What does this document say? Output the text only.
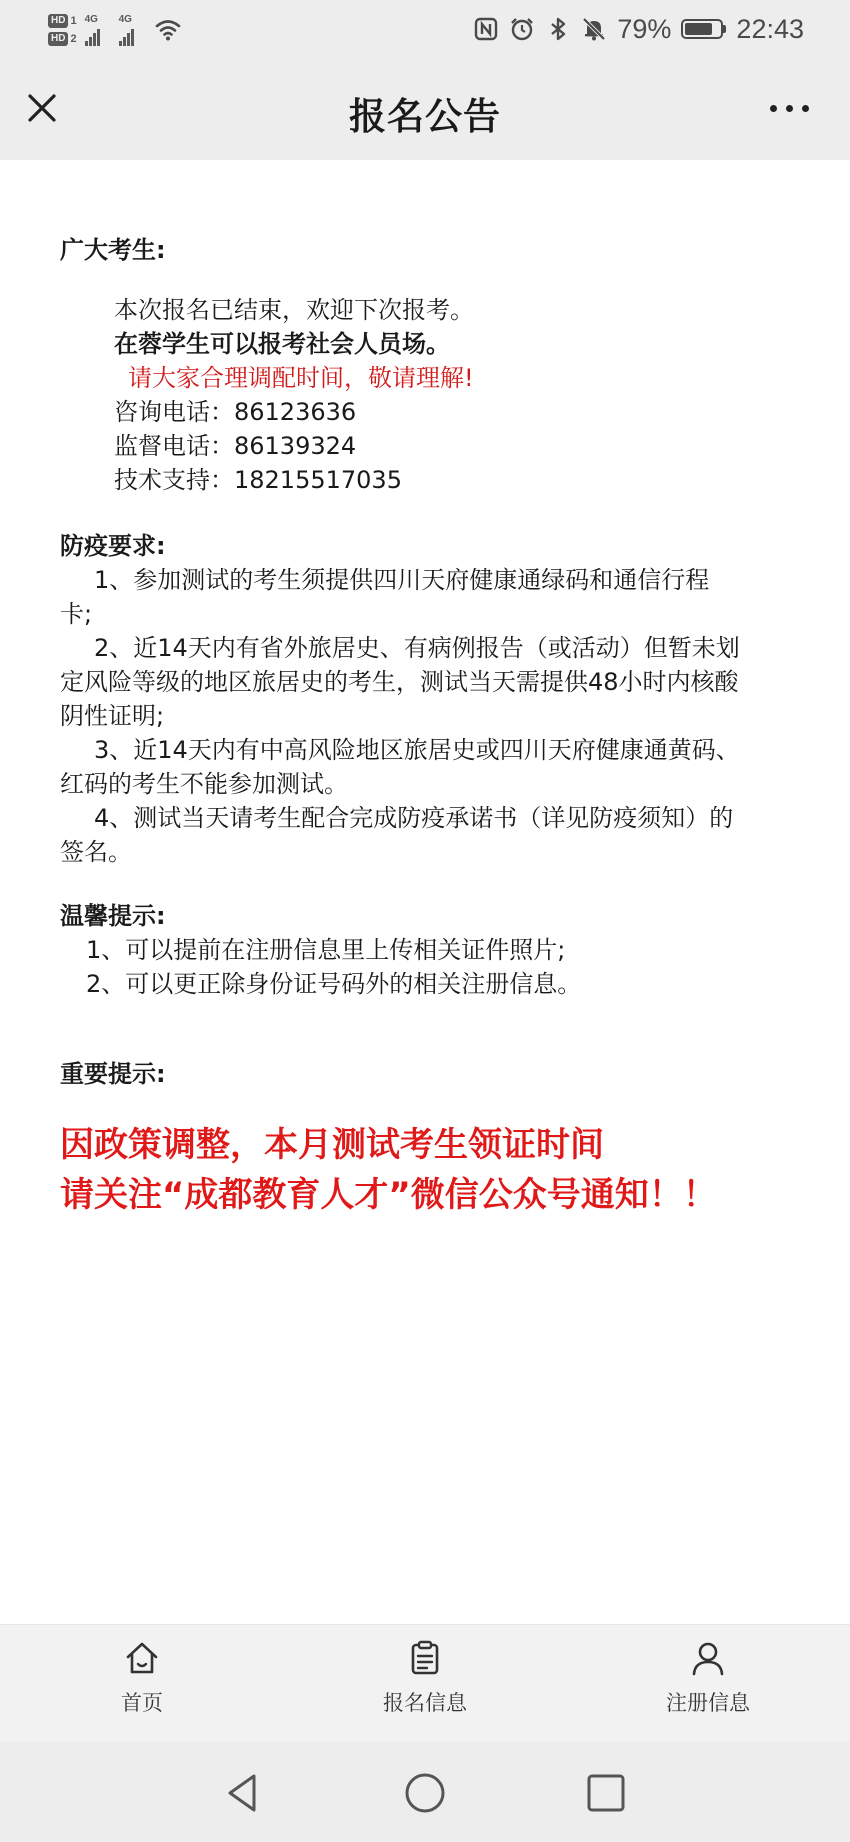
HD 1
HD 2
4G 4G	79% 22:43
报名公告
广大考生:
本次报名已结束，欢迎下次报考。
在蓉学生可以报考社会人员场。
请大家合理调配时间，敬请理解!
咨询电话：86123636
监督电话：86139324
技术支持：18215517035
防疫要求:
1、参加测试的考生须提供四川天府健康通绿码和通信行程
卡;
2、近14天内有省外旅居史、有病例报告（或活动）但暂未划
定风险等级的地区旅居史的考生，测试当天需提供48小时内核酸
阴性证明;
3、近14天内有中高风险地区旅居史或四川天府健康通黄码、
红码的考生不能参加测试。
4、测试当天请考生配合完成防疫承诺书（详见防疫须知）的
签名。
温馨提示:
1、可以提前在注册信息里上传相关证件照片;
2、可以更正除身份证号码外的相关注册信息。
重要提示:
因政策调整，本月测试考生领证时间
请关注“成都教育人才”微信公众号通知！！
首页	报名信息	注册信息
